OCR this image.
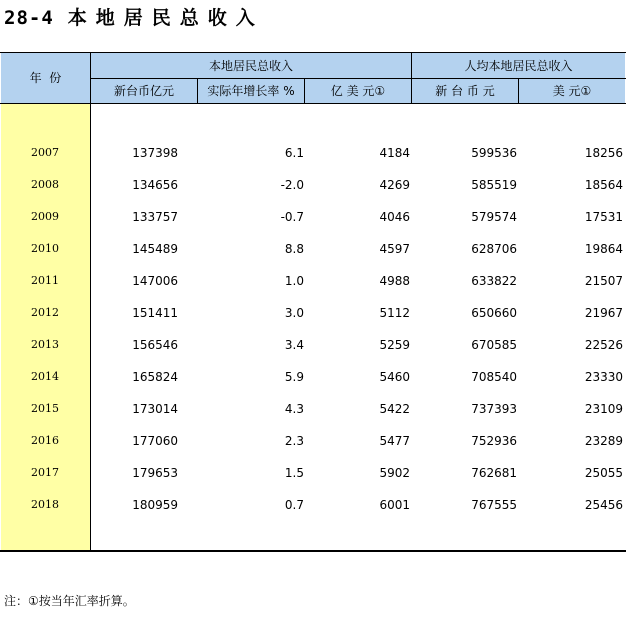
28-4 本地居民总收入
年  份
本地居民总收入	人均本地居民总收入
新台币亿元	实际年增长率 %	亿 美 元①	新 台 币 元	美 元①
2007	137398	6.1	4184	599536	18256
2008	134656	-2.0	4269	585519	18564
2009	133757	-0.7	4046	579574	17531
2010	145489	8.8	4597	628706	19864
2011	147006	1.0	4988	633822	21507
2012	151411	3.0	5112	650660	21967
2013	156546	3.4	5259	670585	22526
2014	165824	5.9	5460	708540	23330
2015	173014	4.3	5422	737393	23109
2016	177060	2.3	5477	752936	23289
2017	179653	1.5	5902	762681	25055
2018	180959	0.7	6001	767555	25456
注：①按当年汇率折算。
